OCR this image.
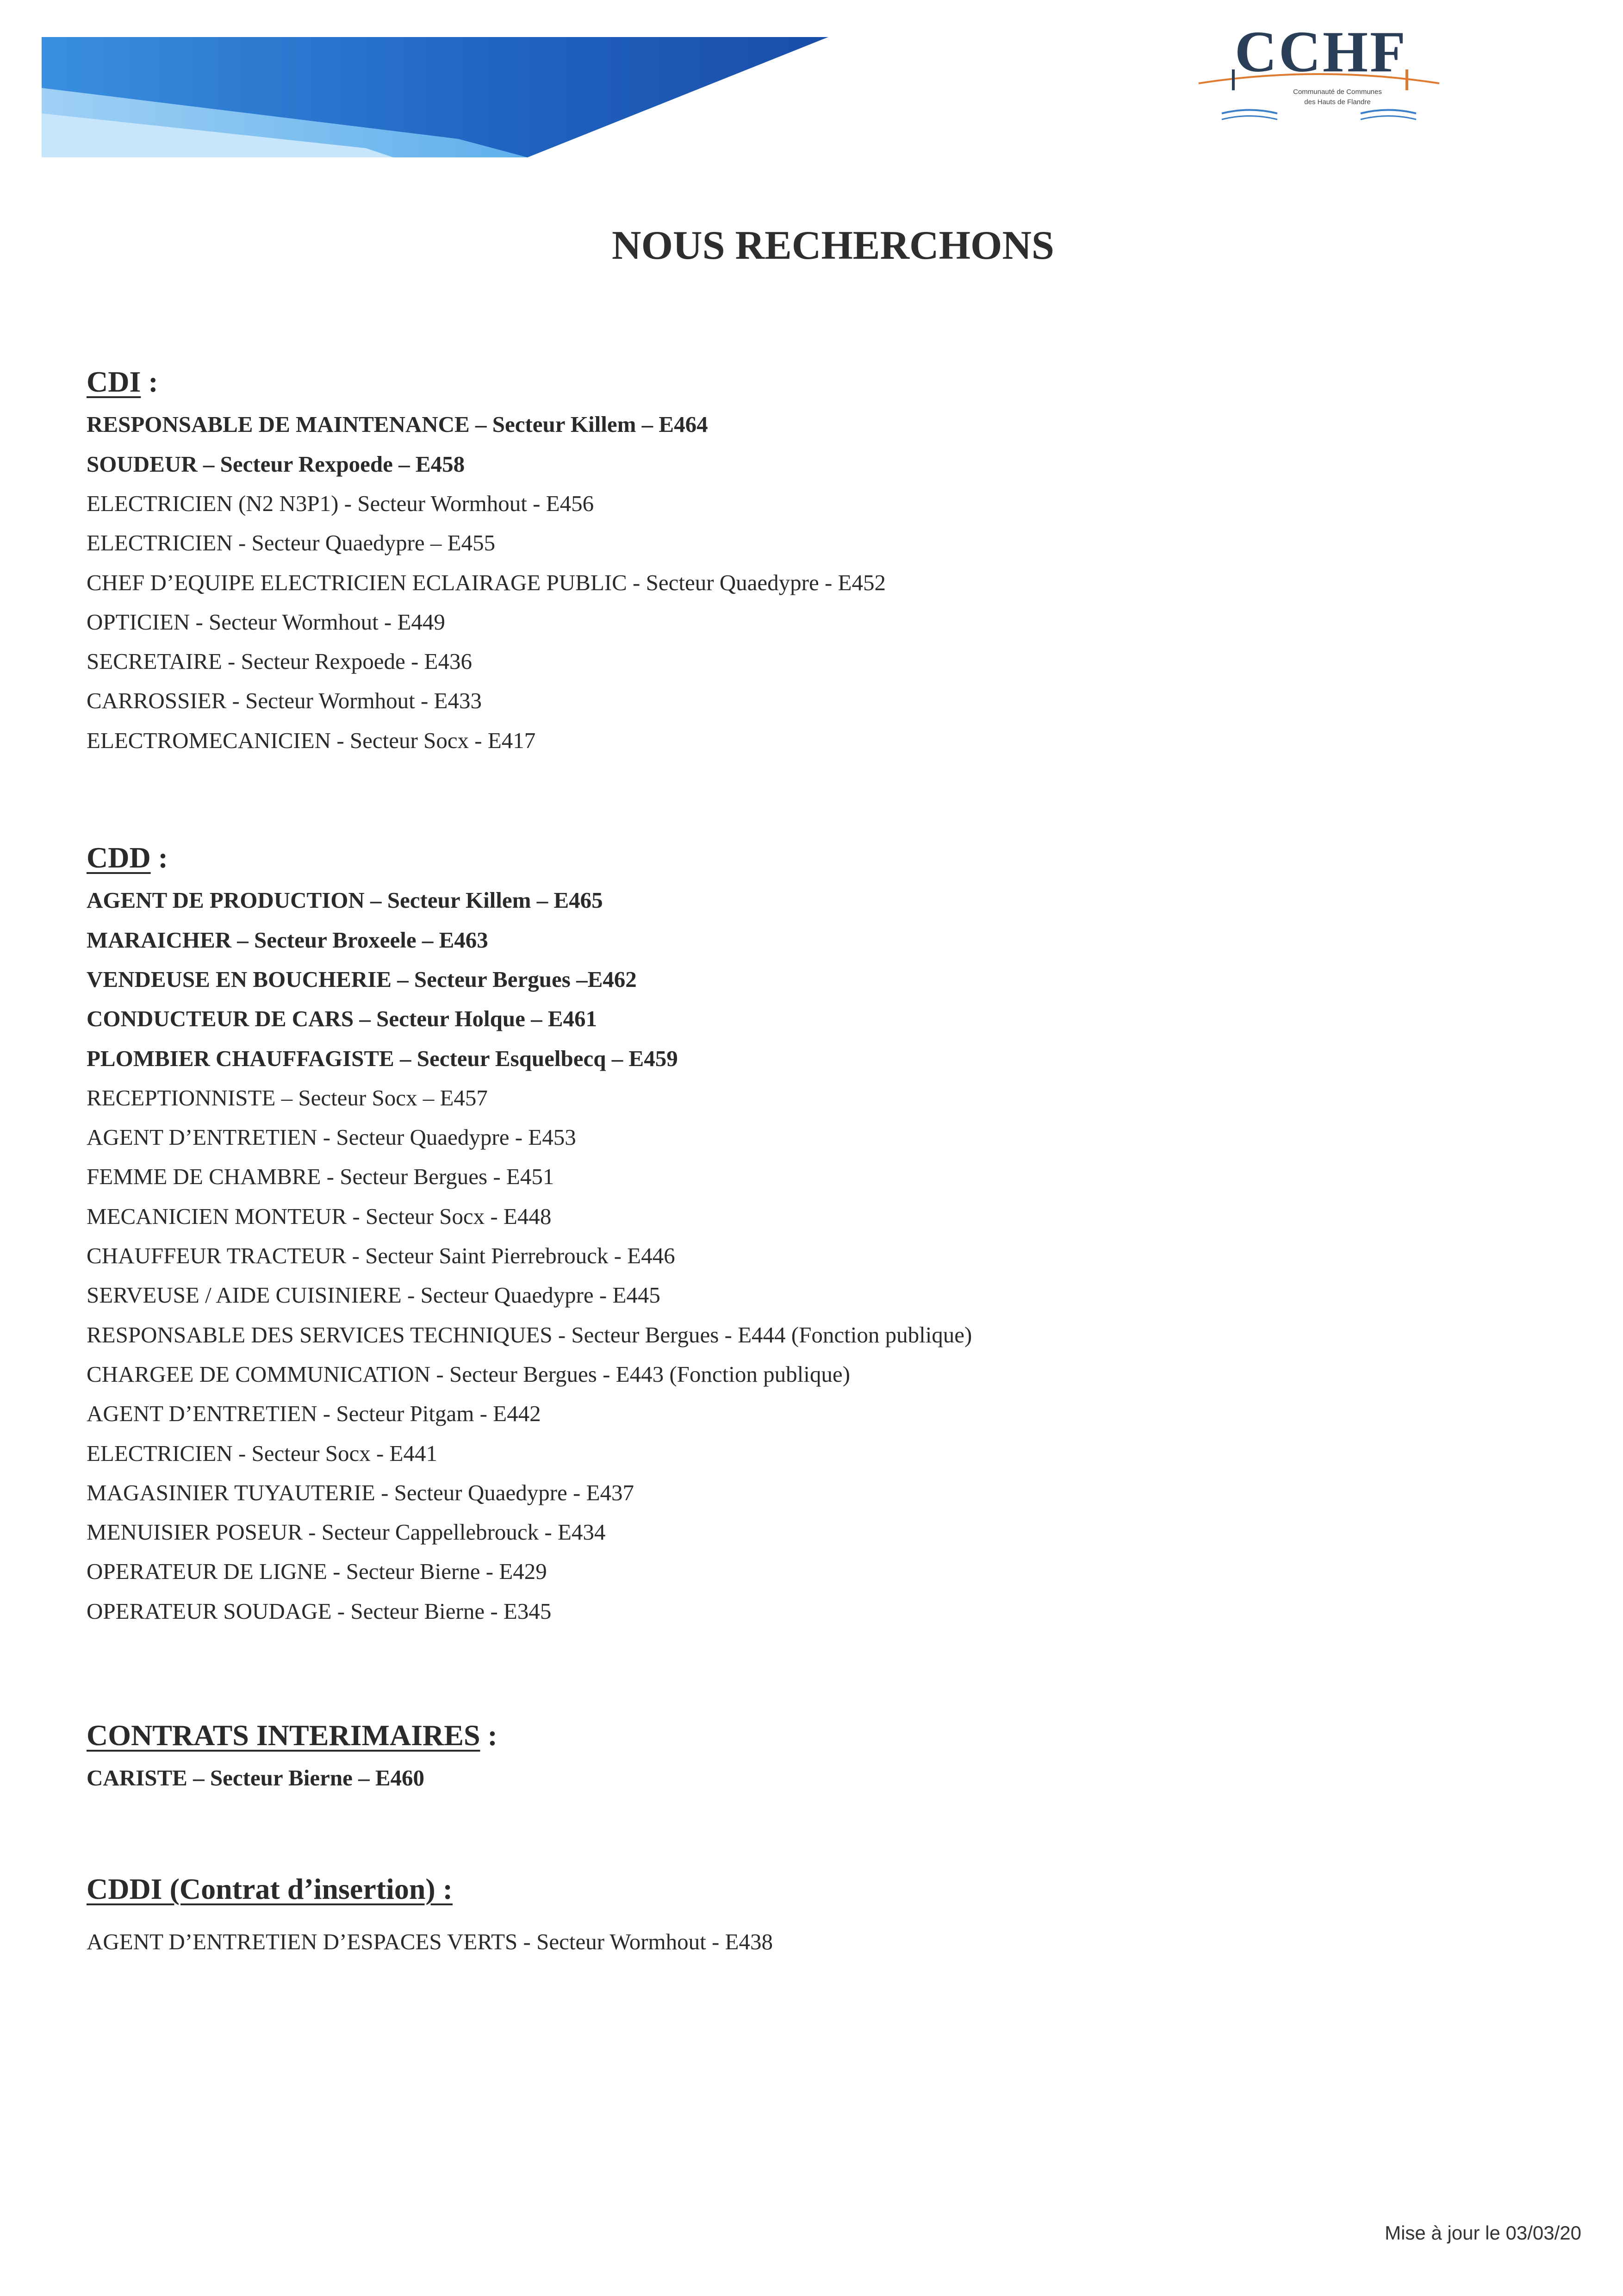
CCHF
Communauté de Communes
des Hauts de Flandre
NOUS RECHERCHONS
CDI :
RESPONSABLE DE MAINTENANCE – Secteur Killem – E464
SOUDEUR – Secteur Rexpoede – E458
ELECTRICIEN (N2 N3P1) - Secteur Wormhout - E456
ELECTRICIEN - Secteur Quaedypre – E455
CHEF D’EQUIPE ELECTRICIEN ECLAIRAGE PUBLIC - Secteur Quaedypre - E452
OPTICIEN - Secteur Wormhout - E449
SECRETAIRE - Secteur Rexpoede - E436
CARROSSIER - Secteur Wormhout - E433
ELECTROMECANICIEN - Secteur Socx - E417
CDD :
AGENT DE PRODUCTION – Secteur Killem – E465
MARAICHER – Secteur Broxeele – E463
VENDEUSE EN BOUCHERIE – Secteur Bergues –E462
CONDUCTEUR DE CARS – Secteur Holque – E461
PLOMBIER CHAUFFAGISTE – Secteur Esquelbecq – E459
RECEPTIONNISTE – Secteur Socx – E457
AGENT D’ENTRETIEN - Secteur Quaedypre - E453
FEMME DE CHAMBRE - Secteur Bergues - E451
MECANICIEN MONTEUR - Secteur Socx - E448
CHAUFFEUR TRACTEUR - Secteur Saint Pierrebrouck - E446
SERVEUSE / AIDE CUISINIERE - Secteur Quaedypre - E445
RESPONSABLE DES SERVICES TECHNIQUES - Secteur Bergues - E444 (Fonction publique)
CHARGEE DE COMMUNICATION - Secteur Bergues - E443 (Fonction publique)
AGENT D’ENTRETIEN - Secteur Pitgam - E442
ELECTRICIEN - Secteur Socx - E441
MAGASINIER TUYAUTERIE - Secteur Quaedypre - E437
MENUISIER POSEUR - Secteur Cappellebrouck - E434
OPERATEUR DE LIGNE - Secteur Bierne - E429
OPERATEUR SOUDAGE - Secteur Bierne - E345
CONTRATS INTERIMAIRES :
CARISTE – Secteur Bierne – E460
CDDI (Contrat d’insertion) :
AGENT D’ENTRETIEN D’ESPACES VERTS - Secteur Wormhout - E438
Mise à jour le 03/03/20
